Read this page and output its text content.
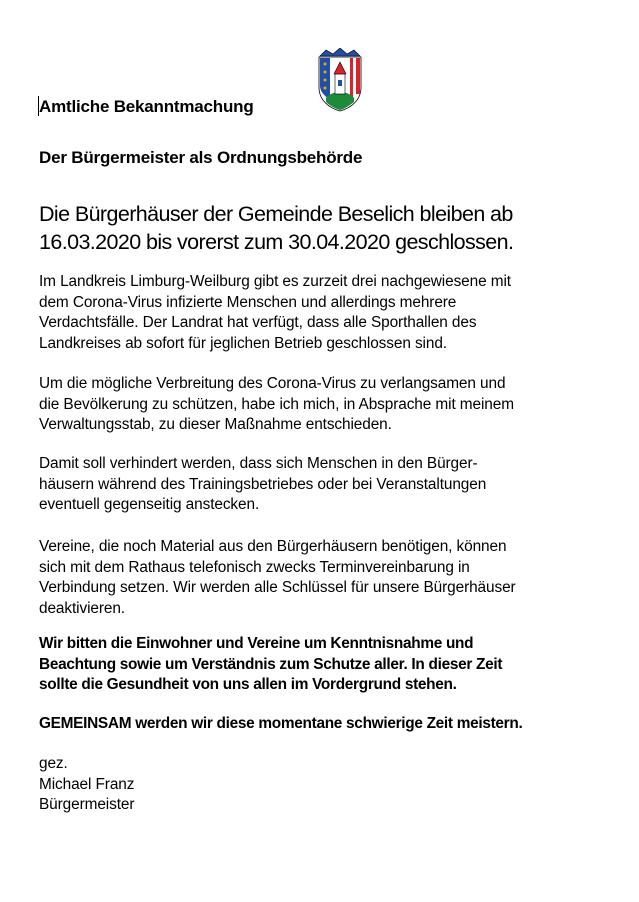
Amtliche Bekanntmachung
Der Bürgermeister als Ordnungsbehörde
Die Bürgerhäuser der Gemeinde Beselich bleiben ab
16.03.2020 bis vorerst zum 30.04.2020 geschlossen.
Im Landkreis Limburg-Weilburg gibt es zurzeit drei nachgewiesene mit
dem Corona-Virus infizierte Menschen und allerdings mehrere
Verdachtsfälle. Der Landrat hat verfügt, dass alle Sporthallen des
Landkreises ab sofort für jeglichen Betrieb geschlossen sind.
Um die mögliche Verbreitung des Corona-Virus zu verlangsamen und
die Bevölkerung zu schützen, habe ich mich, in Absprache mit meinem
Verwaltungsstab, zu dieser Maßnahme entschieden.
Damit soll verhindert werden, dass sich Menschen in den Bürger-
häusern während des Trainingsbetriebes oder bei Veranstaltungen
eventuell gegenseitig anstecken.
Vereine, die noch Material aus den Bürgerhäusern benötigen, können
sich mit dem Rathaus telefonisch zwecks Terminvereinbarung in
Verbindung setzen. Wir werden alle Schlüssel für unsere Bürgerhäuser
deaktivieren.
Wir bitten die Einwohner und Vereine um Kenntnisnahme und
Beachtung sowie um Verständnis zum Schutze aller. In dieser Zeit
sollte die Gesundheit von uns allen im Vordergrund stehen.
GEMEINSAM werden wir diese momentane schwierige Zeit meistern.
gez.
Michael Franz
Bürgermeister
